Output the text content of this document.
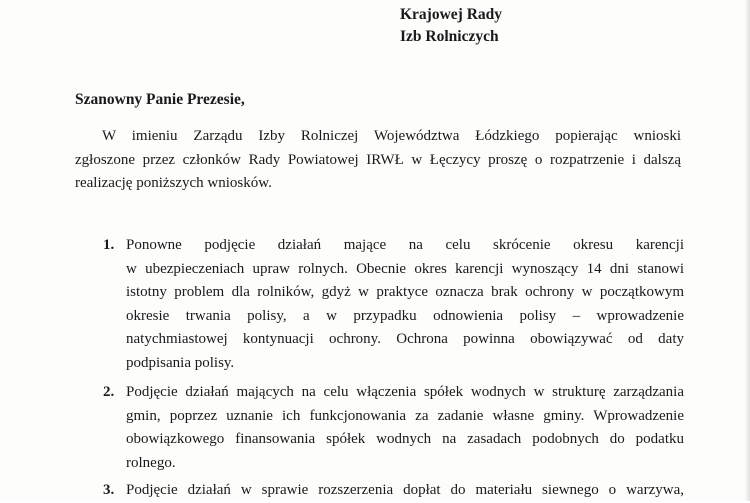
Krajowej Rady
Izb Rolniczych
Szanowny Panie Prezesie,
W imieniu Zarządu Izby Rolniczej Województwa Łódzkiego popierając wnioski
zgłoszone przez członków Rady Powiatowej IRWŁ w Łęczycy proszę o rozpatrzenie i dalszą
realizację poniższych wniosków.
1. Ponowne podjęcie działań mające na celu skrócenie okresu karencji
w ubezpieczeniach upraw rolnych. Obecnie okres karencji wynoszący 14 dni stanowi
istotny problem dla rolników, gdyż w praktyce oznacza brak ochrony w początkowym
okresie trwania polisy, a w przypadku odnowienia polisy – wprowadzenie
natychmiastowej kontynuacji ochrony. Ochrona powinna obowiązywać od daty
podpisania polisy.
2. Podjęcie działań mających na celu włączenia spółek wodnych w strukturę zarządzania
gmin, poprzez uznanie ich funkcjonowania za zadanie własne gminy. Wprowadzenie
obowiązkowego finansowania spółek wodnych na zasadach podobnych do podatku
rolnego.
3. Podjęcie działań w sprawie rozszerzenia dopłat do materiału siewnego o warzywa,
